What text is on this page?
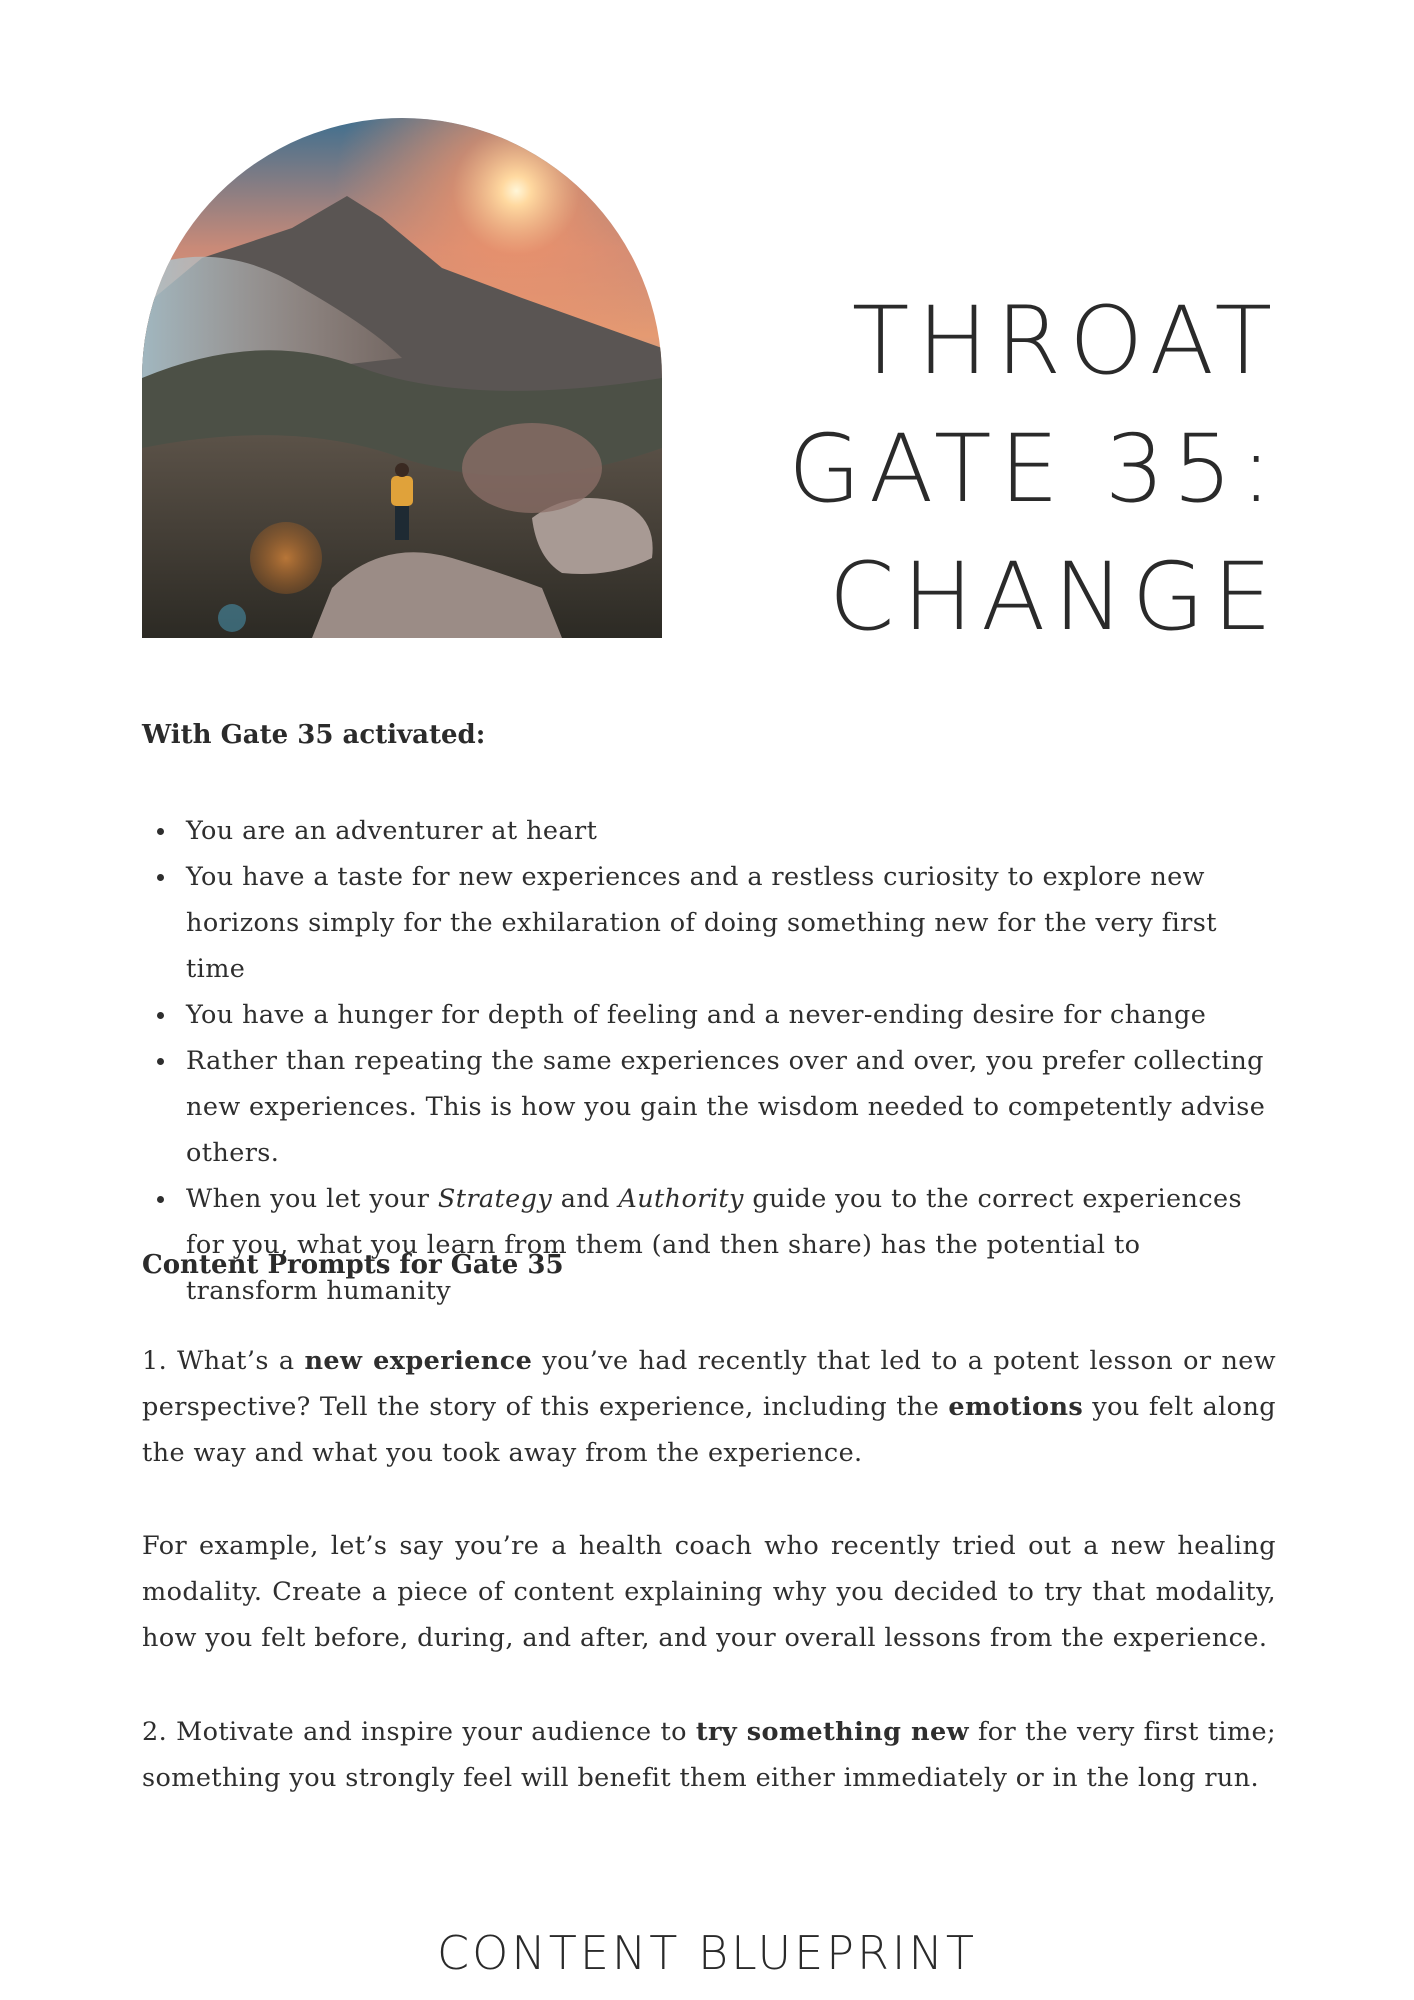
THROAT
GATE 35:
CHANGE
With Gate 35 activated:
You are an adventurer at heart
You have a taste for new experiences and a restless curiosity to explore new horizons simply for the exhilaration of doing something new for the very first time
You have a hunger for depth of feeling and a never-ending desire for change
Rather than repeating the same experiences over and over, you prefer collecting new experiences. This is how you gain the wisdom needed to competently advise others.
When you let your Strategy and Authority guide you to the correct experiences for you, what you learn from them (and then share) has the potential to transform humanity
Content Prompts for Gate 35
1. What’s a new experience you’ve had recently that led to a potent lesson or new perspective? Tell the story of this experience, including the emotions you felt along the way and what you took away from the experience.
For example, let’s say you’re a health coach who recently tried out a new healing modality. Create a piece of content explaining why you decided to try that modality, how you felt before, during, and after, and your overall lessons from the experience.
2. Motivate and inspire your audience to try something new for the very first time; something you strongly feel will benefit them either immediately or in the long run.
CONTENT BLUEPRINT
